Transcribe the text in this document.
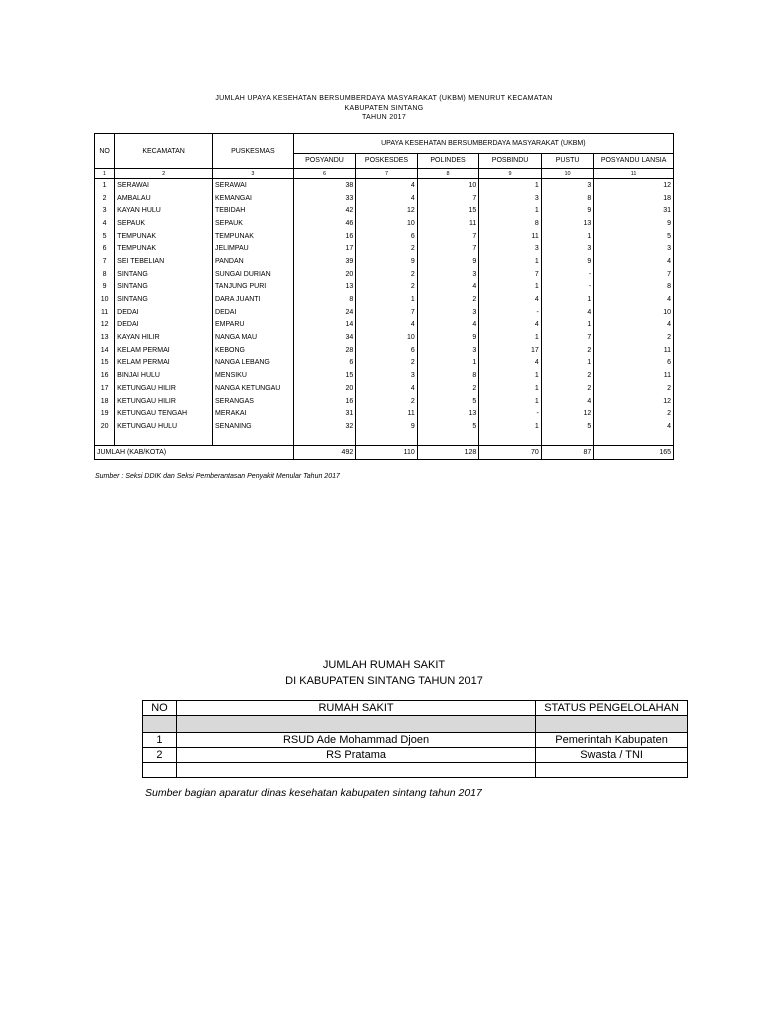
JUMLAH UPAYA KESEHATAN BERSUMBERDAYA MASYARAKAT (UKBM) MENURUT KECAMATAN
KABUPATEN SINTANG
TAHUN 2017
NO	KECAMATAN	PUSKESMAS	UPAYA KESEHATAN BERSUMBERDAYA MASYARAKAT (UKBM)					
			POSYANDU	POSKESDES	POLINDES	POSBINDU	PUSTU	POSYANDU LANSIA
1	2	3	6	7	8	9	10	11
1	SERAWAI	SERAWAI	38	4	10	1	3	12
2	AMBALAU	KEMANGAI	33	4	7	3	8	18
3	KAYAN HULU	TEBIDAH	42	12	15	1	9	31
4	SEPAUK	SEPAUK	46	10	11	8	13	9
5	TEMPUNAK	TEMPUNAK	16	6	7	11	1	5
6	TEMPUNAK	JELIMPAU	17	2	7	3	3	3
7	SEI TEBELIAN	PANDAN	39	9	9	1	9	4
8	SINTANG	SUNGAI DURIAN	20	2	3	7	-	7
9	SINTANG	TANJUNG PURI	13	2	4	1	-	8
10	SINTANG	DARA JUANTI	8	1	2	4	1	4
11	DEDAI	DEDAI	24	7	3	-	4	10
12	DEDAI	EMPARU	14	4	4	4	1	4
13	KAYAN HILIR	NANGA MAU	34	10	9	1	7	2
14	KELAM PERMAI	KEBONG	28	6	3	17	2	11
15	KELAM PERMAI	NANGA LEBANG	6	2	1	4	1	6
16	BINJAI HULU	MENSIKU	15	3	8	1	2	11
17	KETUNGAU HILIR	NANGA KETUNGAU	20	4	2	1	2	2
18	KETUNGAU HILIR	SERANGAS	16	2	5	1	4	12
19	KETUNGAU TENGAH	MERAKAI	31	11	13	-	12	2
20	KETUNGAU HULU	SENANING	32	9	5	1	5	4

JUMLAH (KAB/KOTA)			492	110	128	70	87	165
Sumber : Seksi DDIK dan Seksi Pemberantasan Penyakit Menular Tahun 2017
JUMLAH RUMAH SAKIT
DI KABUPATEN SINTANG TAHUN 2017
NO	RUMAH SAKIT	STATUS PENGELOLAHAN

1	RSUD Ade Mohammad Djoen	Pemerintah Kabupaten
2	RS Pratama	Swasta / TNI

Sumber bagian aparatur dinas kesehatan kabupaten sintang tahun 2017
